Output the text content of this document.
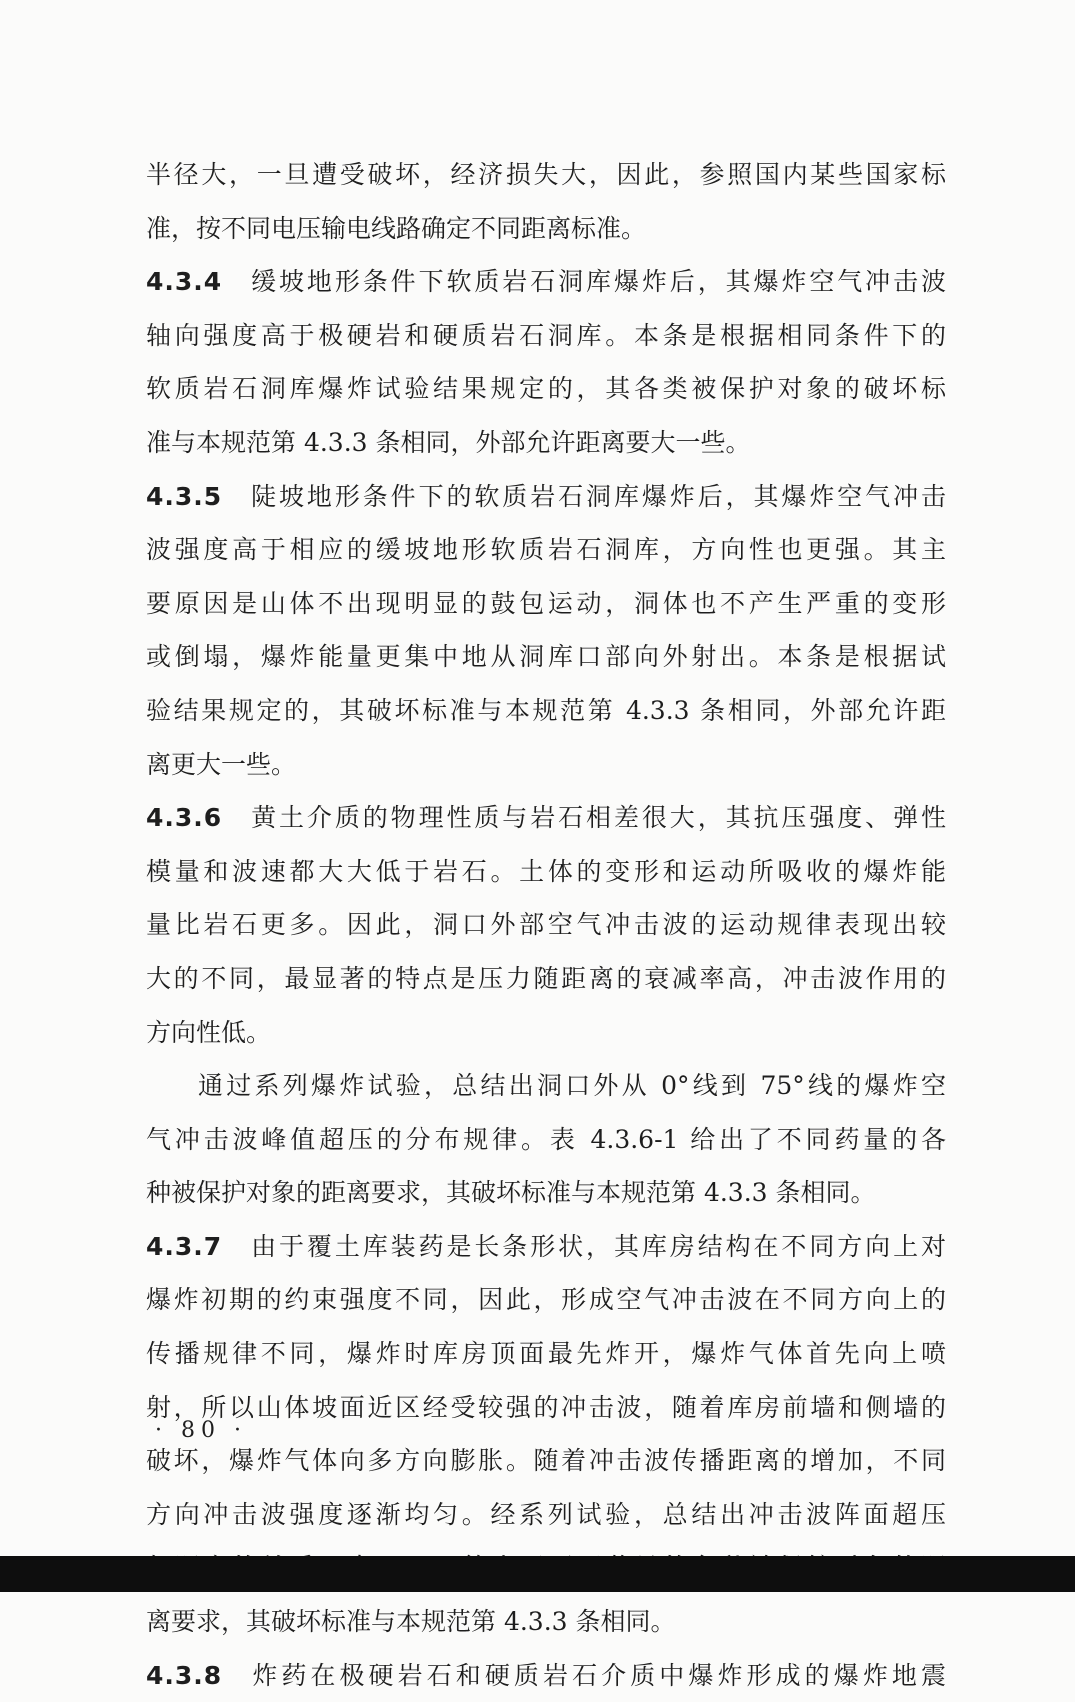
半径大，一旦遭受破坏，经济损失大，因此，参照国内某些国家标
准，按不同电压输电线路确定不同距离标准。
4.3.4 缓坡地形条件下软质岩石洞库爆炸后，其爆炸空气冲击波
轴向强度高于极硬岩和硬质岩石洞库。本条是根据相同条件下的
软质岩石洞库爆炸试验结果规定的，其各类被保护对象的破坏标
准与本规范第 4.3.3 条相同，外部允许距离要大一些。
4.3.5 陡坡地形条件下的软质岩石洞库爆炸后，其爆炸空气冲击
波强度高于相应的缓坡地形软质岩石洞库，方向性也更强。其主
要原因是山体不出现明显的鼓包运动，洞体也不产生严重的变形
或倒塌，爆炸能量更集中地从洞库口部向外射出。本条是根据试
验结果规定的，其破坏标准与本规范第 4.3.3 条相同，外部允许距
离更大一些。
4.3.6 黄土介质的物理性质与岩石相差很大，其抗压强度、弹性
模量和波速都大大低于岩石。土体的变形和运动所吸收的爆炸能
量比岩石更多。因此，洞口外部空气冲击波的运动规律表现出较
大的不同，最显著的特点是压力随距离的衰减率高，冲击波作用的
方向性低。
通过系列爆炸试验，总结出洞口外从 0°线到 75°线的爆炸空
气冲击波峰值超压的分布规律。表 4.3.6-1 给出了不同药量的各
种被保护对象的距离要求，其破坏标准与本规范第 4.3.3 条相同。
4.3.7 由于覆土库装药是长条形状，其库房结构在不同方向上对
爆炸初期的约束强度不同，因此，形成空气冲击波在不同方向上的
传播规律不同，爆炸时库房顶面最先炸开，爆炸气体首先向上喷
射，所以山体坡面近区经受较强的冲击波，随着库房前墙和侧墙的
破坏，爆炸气体向多方向膨胀。随着冲击波传播距离的增加，不同
方向冲击波强度逐渐均匀。经系列试验，总结出冲击波阵面超压
离要求，其破坏标准与本规范第 4.3.3 条相同。
4.3.8 炸药在极硬岩石和硬质岩石介质中爆炸形成的爆炸地震
· 80 ·
